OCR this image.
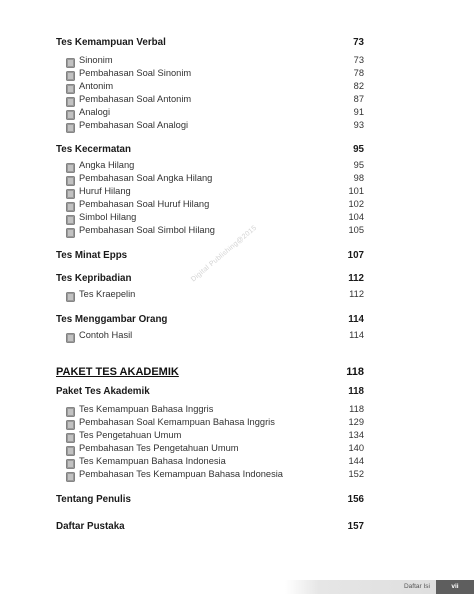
Tes Kemampuan Verbal	73
Sinonim	73
Pembahasan Soal Sinonim	78
Antonim	82
Pembahasan Soal Antonim	87
Analogi	91
Pembahasan Soal Analogi	93
Tes Kecermatan	95
Angka Hilang	95
Pembahasan Soal Angka Hilang	98
Huruf Hilang	101
Pembahasan Soal Huruf Hilang	102
Simbol Hilang	104
Pembahasan Soal Simbol Hilang	105
Tes Minat Epps	107
Tes Kepribadian	112
Tes Kraepelin	112
Tes Menggambar Orang	114
Contoh Hasil	114
PAKET TES AKADEMIK	118
Paket Tes Akademik	118
Tes Kemampuan Bahasa Inggris	118
Pembahasan Soal Kemampuan Bahasa Inggris	129
Tes Pengetahuan Umum	134
Pembahasan Tes Pengetahuan Umum	140
Tes Kemampuan Bahasa Indonesia	144
Pembahasan Tes Kemampuan Bahasa Indonesia	152
Tentang Penulis	156
Daftar Pustaka	157
Digital Publishing@2015
Daftar Isi	vii
